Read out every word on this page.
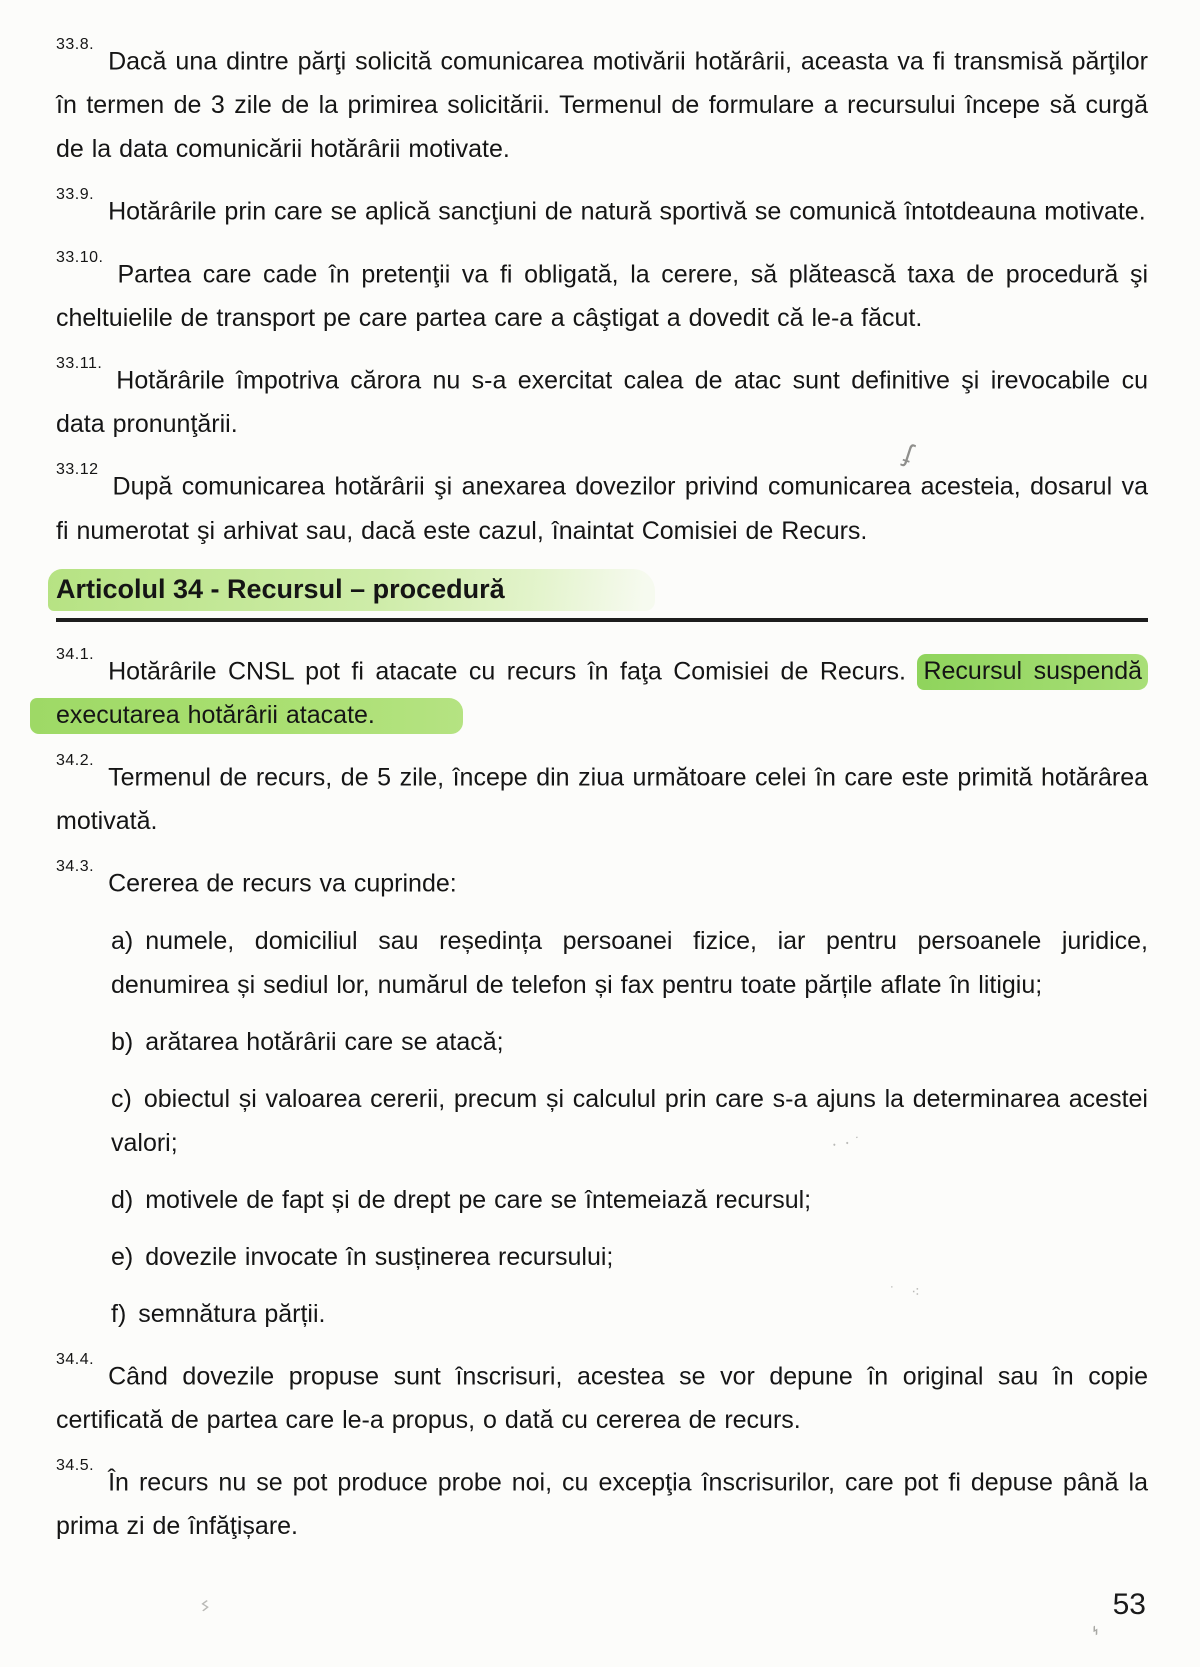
$^{33.8.}$Dacă una dintre părţi solicită comunicarea motivării hotărârii, aceasta va fi transmisă părţilor în termen de 3 zile de la primirea solicitării. Termenul de formulare a recursului începe să curgă de la data comunicării hotărârii motivate.

$^{33.9.}$Hotărârile prin care se aplică sancţiuni de natură sportivă se comunică întotdeauna motivate.

$^{33.10.}$Partea care cade în pretenţii va fi obligată, la cerere, să plătească taxa de procedură şi cheltuielile de transport pe care partea care a câştigat a dovedit că le-a făcut.

$^{33.11.}$Hotărârile împotriva cărora nu s-a exercitat calea de atac sunt definitive şi irevocabile cu data pronunţării.

$^{33.12}$După comunicarea hotărârii şi anexarea dovezilor privind comunicarea acesteia, dosarul va fi numerotat şi arhivat sau, dacă este cazul, înaintat Comisiei de Recurs.

Articolul 34 - Recursul – procedură

$^{34.1.}$Hotărârile CNSL pot fi atacate cu recurs în faţa Comisiei de Recurs. Recursul suspendă executarea hotărârii atacate.

$^{34.2.}$Termenul de recurs, de 5 zile, începe din ziua următoare celei în care este primită hotărârea motivată.

$^{34.3.}$Cererea de recurs va cuprinde:

a) numele, domiciliul sau reședința persoanei fizice, iar pentru persoanele juridice, denumirea și sediul lor, numărul de telefon și fax pentru toate părțile aflate în litigiu;

b) arătarea hotărârii care se atacă;

c) obiectul și valoarea cererii, precum și calculul prin care s-a ajuns la determinarea acestei valori;

d) motivele de fapt și de drept pe care se întemeiază recursul;

e) dovezile invocate în susținerea recursului;

f) semnătura părții.

$^{34.4.}$Când dovezile propuse sunt înscrisuri, acestea se vor depune în original sau în copie certificată de partea care le-a propus, o dată cu cererea de recurs.

$^{34.5.}$În recurs nu se pot produce probe noi, cu excepţia înscrisurilor, care pot fi depuse până la prima zi de înfăţișare.

53
ʄ
᛫᛫˙
˙ ⁖
ϟ
⌁
